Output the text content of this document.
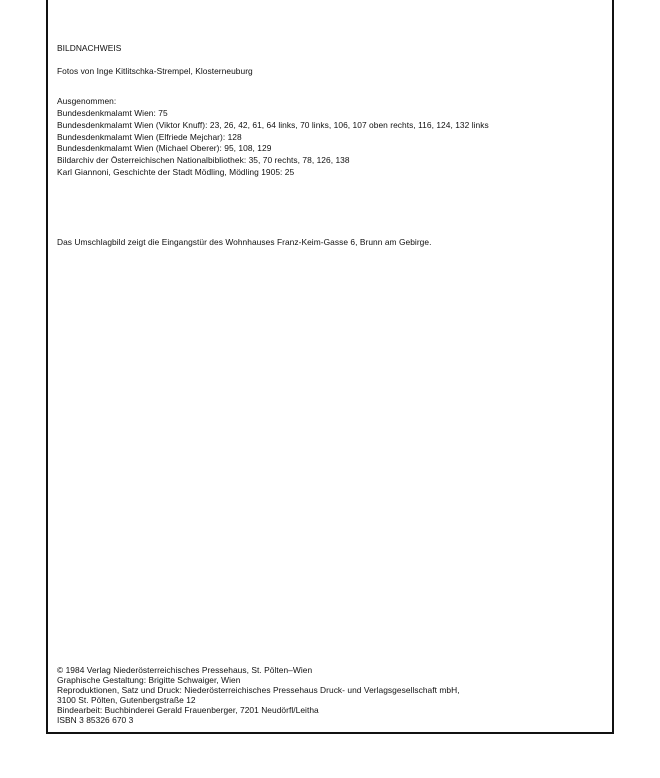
BILDNACHWEIS
Fotos von Inge Kitlitschka-Strempel, Klosterneuburg
Ausgenommen:
Bundesdenkmalamt Wien: 75
Bundesdenkmalamt Wien (Viktor Knuff): 23, 26, 42, 61, 64 links, 70 links, 106, 107 oben rechts, 116, 124, 132 links
Bundesdenkmalamt Wien (Elfriede Mejchar): 128
Bundesdenkmalamt Wien (Michael Oberer): 95, 108, 129
Bildarchiv der Österreichischen Nationalbibliothek: 35, 70 rechts, 78, 126, 138
Karl Giannoni, Geschichte der Stadt Mödling, Mödling 1905: 25
Das Umschlagbild zeigt die Eingangstür des Wohnhauses Franz-Keim-Gasse 6, Brunn am Gebirge.
© 1984 Verlag Niederösterreichisches Pressehaus, St. Pölten–Wien
Graphische Gestaltung: Brigitte Schwaiger, Wien
Reproduktionen, Satz und Druck: Niederösterreichisches Pressehaus Druck- und Verlagsgesellschaft mbH,
3100 St. Pölten, Gutenbergstraße 12
Bindearbeit: Buchbinderei Gerald Frauenberger, 7201 Neudörfl/Leitha
ISBN 3 85326 670 3
